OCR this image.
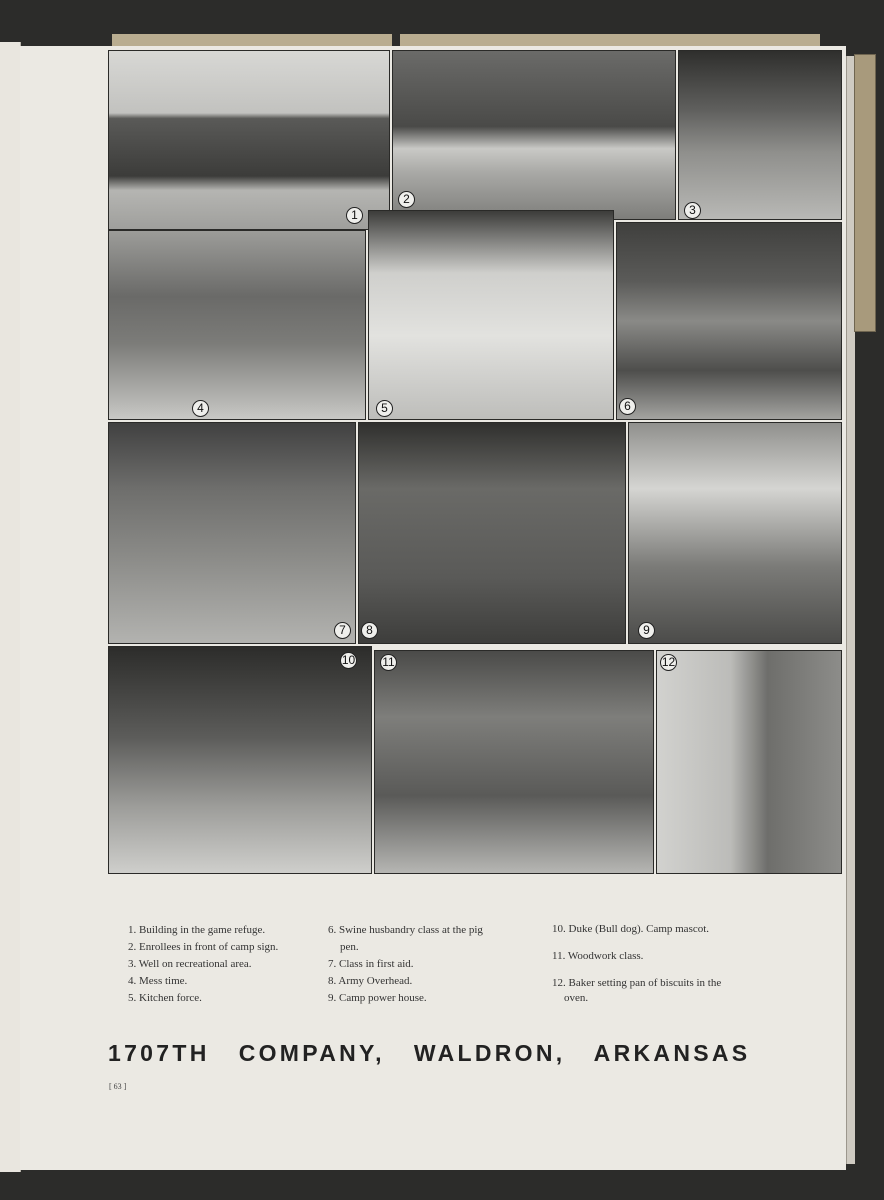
1
2
3
4	5	6
7	8	9
10 11	12

1. Building in the game refuge.

2. Enrollees in front of camp sign.

3. Well on recreational area.

4. Mess time.

5. Kitchen force.

6. Swine husbandry class at the pig

pen.

7. Class in first aid.

8. Army Overhead.

9. Camp power house.

10. Duke (Bull dog). Camp mascot.

11. Woodwork class.

12. Baker setting pan of biscuits in the

oven.

1707TH   COMPANY,   WALDRON,   ARKANSAS
[ 63 ]
